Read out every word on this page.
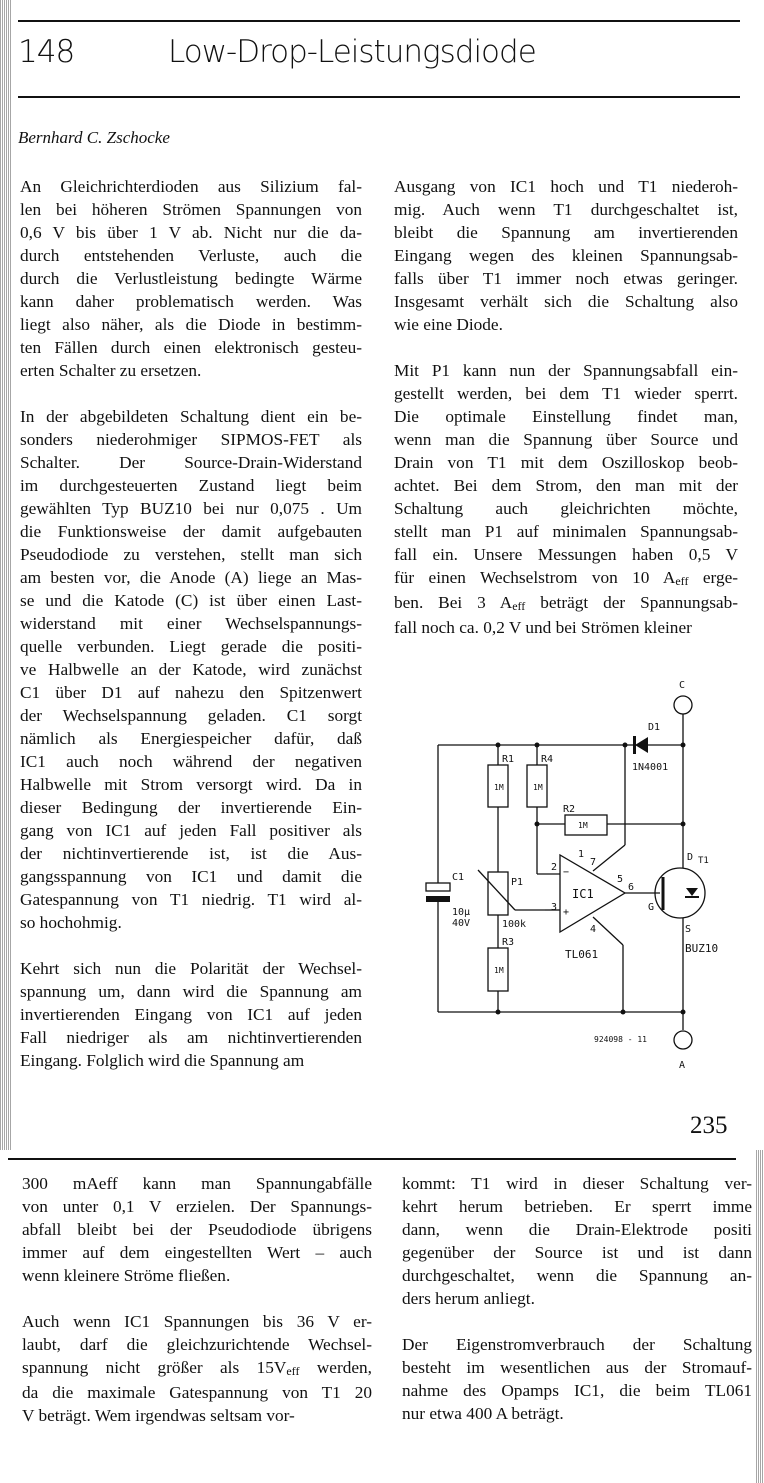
148	Low-Drop-Leistungsdiode
Bernhard C. Zschocke

An Gleichrichterdioden aus Silizium fal-
len bei höheren Strömen Spannungen von
0,6 V bis über 1 V ab. Nicht nur die da-
durch entstehenden Verluste, auch die
durch die Verlustleistung bedingte Wärme
kann daher problematisch werden. Was
liegt also näher, als die Diode in bestimm-
ten Fällen durch einen elektronisch gesteu-
erten Schalter zu ersetzen.

In der abgebildeten Schaltung dient ein be-
sonders niederohmiger SIPMOS-FET als
Schalter. Der Source-Drain-Widerstand
im durchgesteuerten Zustand liegt beim
gewählten Typ BUZ10 bei nur 0,075 . Um
die Funktionsweise der damit aufgebauten
Pseudodiode zu verstehen, stellt man sich
am besten vor, die Anode (A) liege an Mas-
se und die Katode (C) ist über einen Last-
widerstand mit einer Wechselspannungs-
quelle verbunden. Liegt gerade die positi-
ve Halbwelle an der Katode, wird zunächst
C1 über D1 auf nahezu den Spitzenwert
der Wechselspannung geladen. C1 sorgt
nämlich als Energiespeicher dafür, daß
IC1 auch noch während der negativen
Halbwelle mit Strom versorgt wird. Da in
dieser Bedingung der invertierende Ein-
gang von IC1 auf jeden Fall positiver als
der nichtinvertierende ist, ist die Aus-
gangsspannung von IC1 und damit die
Gatespannung von T1 niedrig. T1 wird al-
so hochohmig.

Kehrt sich nun die Polarität der Wechsel-
spannung um, dann wird die Spannung am
invertierenden Eingang von IC1 auf jeden
Fall niedriger als am nichtinvertierenden
Eingang. Folglich wird die Spannung am

Ausgang von IC1 hoch und T1 niederoh-
mig. Auch wenn T1 durchgeschaltet ist,
bleibt die Spannung am invertierenden
Eingang wegen des kleinen Spannungsab-
falls über T1 immer noch etwas geringer.
Insgesamt verhält sich die Schaltung also
wie eine Diode.

Mit P1 kann nun der Spannungsabfall ein-
gestellt werden, bei dem T1 wieder sperrt.
Die optimale Einstellung findet man,
wenn man die Spannung über Source und
Drain von T1 mit dem Oszilloskop beob-
achtet. Bei dem Strom, den man mit der
Schaltung auch gleichrichten möchte,
stellt man P1 auf minimalen Spannungsab-
fall ein. Unsere Messungen haben 0,5 V
für einen Wechselstrom von 10 $A_{eff}$ erge-
ben. Bei 3 $A_{eff}$ beträgt der Spannungsab-
fall noch ca. 0,2 V und bei Strömen kleiner

C
D1
1N4001
R1
1M
R4
1M
R2
1M
R3
1M
C1
10µ
40V
P1
100k
IC1
TL061
1
2
3
4
5
6
7
−
+
D T1
G
S
BUZ10
924098 - 11
A
235

300 mAeff kann man Spannungabfälle
von unter 0,1 V erzielen. Der Spannungs-
abfall bleibt bei der Pseudodiode übrigens
immer auf dem eingestellten Wert – auch
wenn kleinere Ströme fließen.

Auch wenn IC1 Spannungen bis 36 V er-
laubt, darf die gleichzurichtende Wechsel-
spannung nicht größer als $15V_{eff}$ werden,
da die maximale Gatespannung von T1 20
V beträgt. Wem irgendwas seltsam vor-

kommt: T1 wird in dieser Schaltung ver-
kehrt herum betrieben. Er sperrt imme
dann, wenn die Drain-Elektrode positi
gegenüber der Source ist und ist dann
durchgeschaltet, wenn die Spannung an-
ders herum anliegt.

Der Eigenstromverbrauch der Schaltung
besteht im wesentlichen aus der Stromauf-
nahme des Opamps IC1, die beim TL061
nur etwa 400 A beträgt.
